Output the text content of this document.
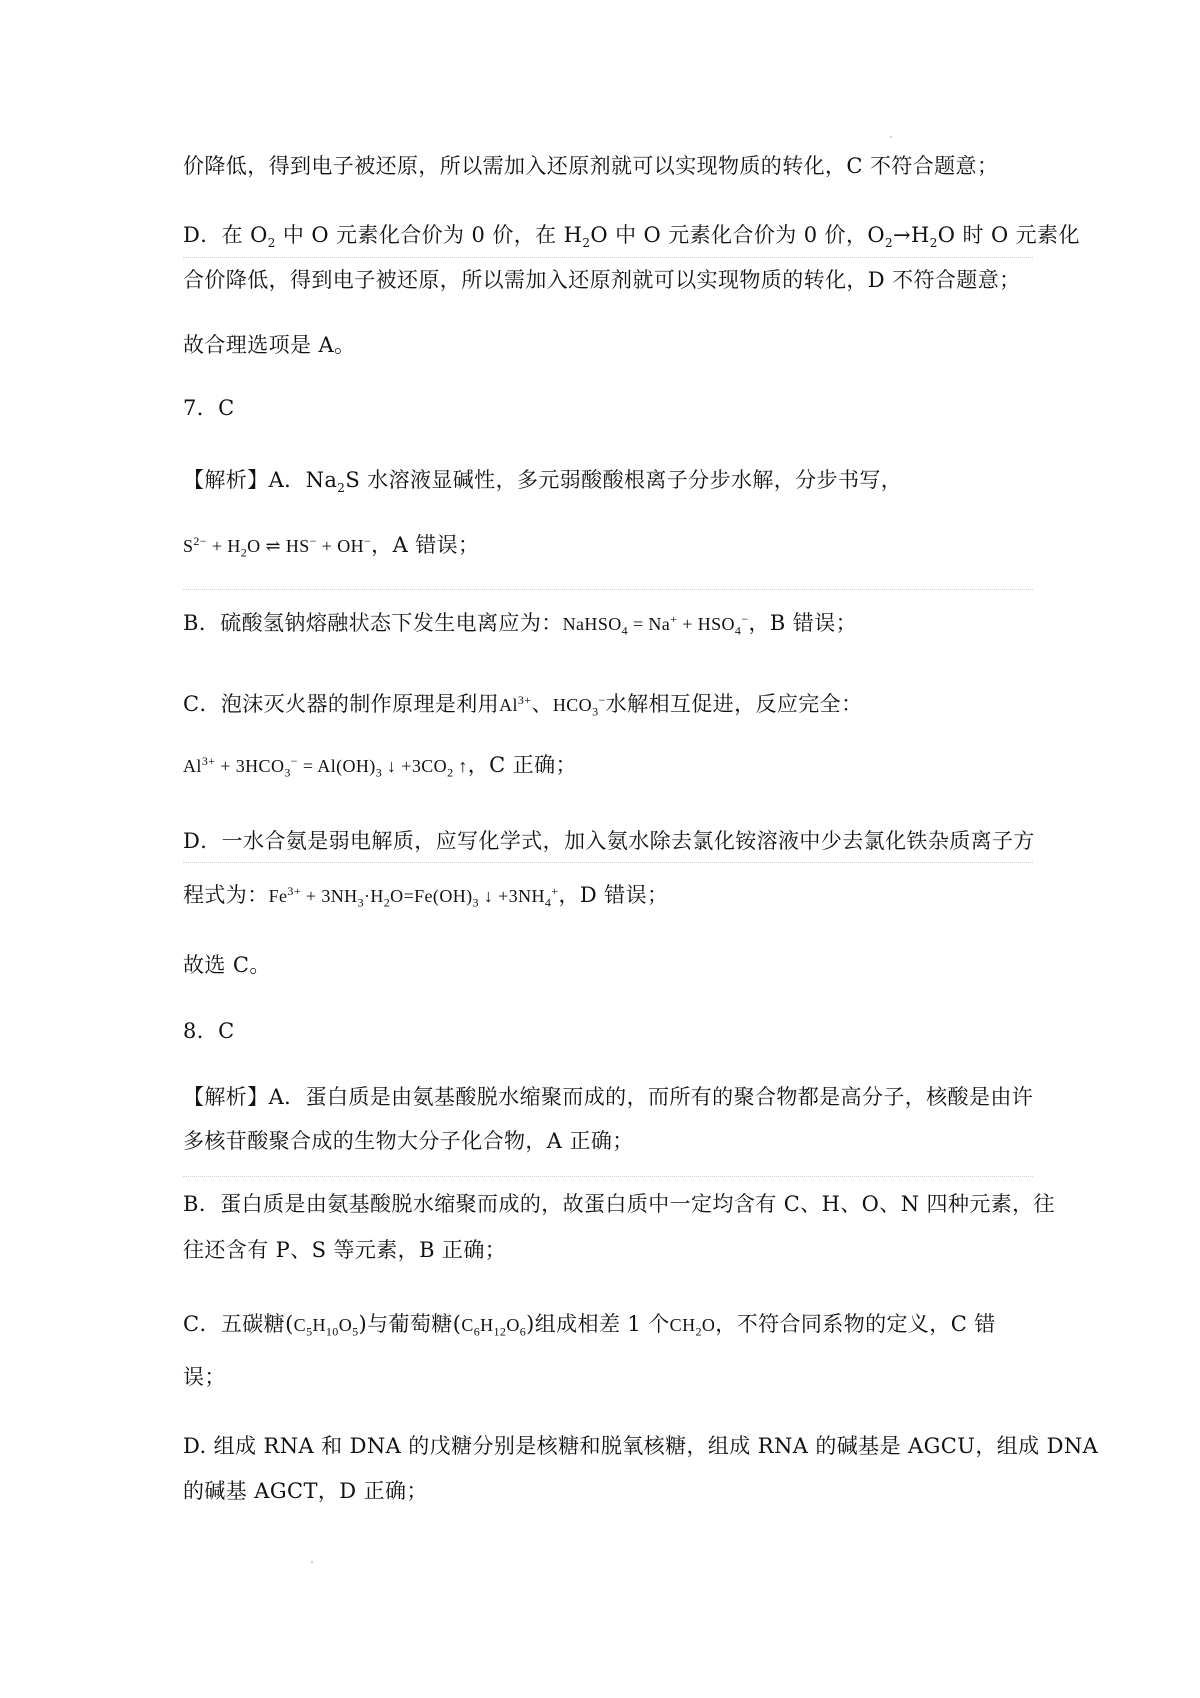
价降低，得到电子被还原，所以需加入还原剂就可以实现物质的转化，C 不符合题意；
D．在 $O_2$ 中 O 元素化合价为 0 价，在 $H_2O$ 中 O 元素化合价为 0 价，$O_2\to H_2O$ 时 O 元素化
合价降低，得到电子被还原，所以需加入还原剂就可以实现物质的转化，D 不符合题意；
故合理选项是 A。
7．C
【解析】A．$Na_2S$ 水溶液显碱性，多元弱酸酸根离子分步水解，分步书写，
$S^{2-} + H_2O$ ⇌ HS− + OH−，A 错误；
B．硫酸氢钠熔融状态下发生电离应为：NaHSO$_4$ = $Na^+ + HSO_4^-$，B 错误；
C．泡沫灭火器的制作原理是利用$Al^{3+}$、$HCO_3^-$水解相互促进，反应完全：
$Al^{3+} + 3HCO_3^- = Al(OH)_3$ ↓ $+3CO_2$ ↑，C 正确；
D．一水合氨是弱电解质，应写化学式，加入氨水除去氯化铵溶液中少去氯化铁杂质离子方
程式为：$Fe^{3+} + 3NH_3\cdot H_2O=Fe(OH)_3$ ↓ $+3NH_4^+$，D 错误；
故选 C。
8．C
【解析】A．蛋白质是由氨基酸脱水缩聚而成的，而所有的聚合物都是高分子，核酸是由许
多核苷酸聚合成的生物大分子化合物，A 正确；
B．蛋白质是由氨基酸脱水缩聚而成的，故蛋白质中一定均含有 C、H、O、N 四种元素，往
往还含有 P、S 等元素，B 正确；
C．五碳糖$(C_5H_{10}O_5)$与葡萄糖$(C_6H_{12}O_6)$组成相差 1 个$CH_2O$，不符合同系物的定义，C 错
误；
D. 组成 RNA 和 DNA 的戊糖分别是核糖和脱氧核糖，组成 RNA 的碱基是 AGCU，组成 DNA
的碱基 AGCT，D 正确；
